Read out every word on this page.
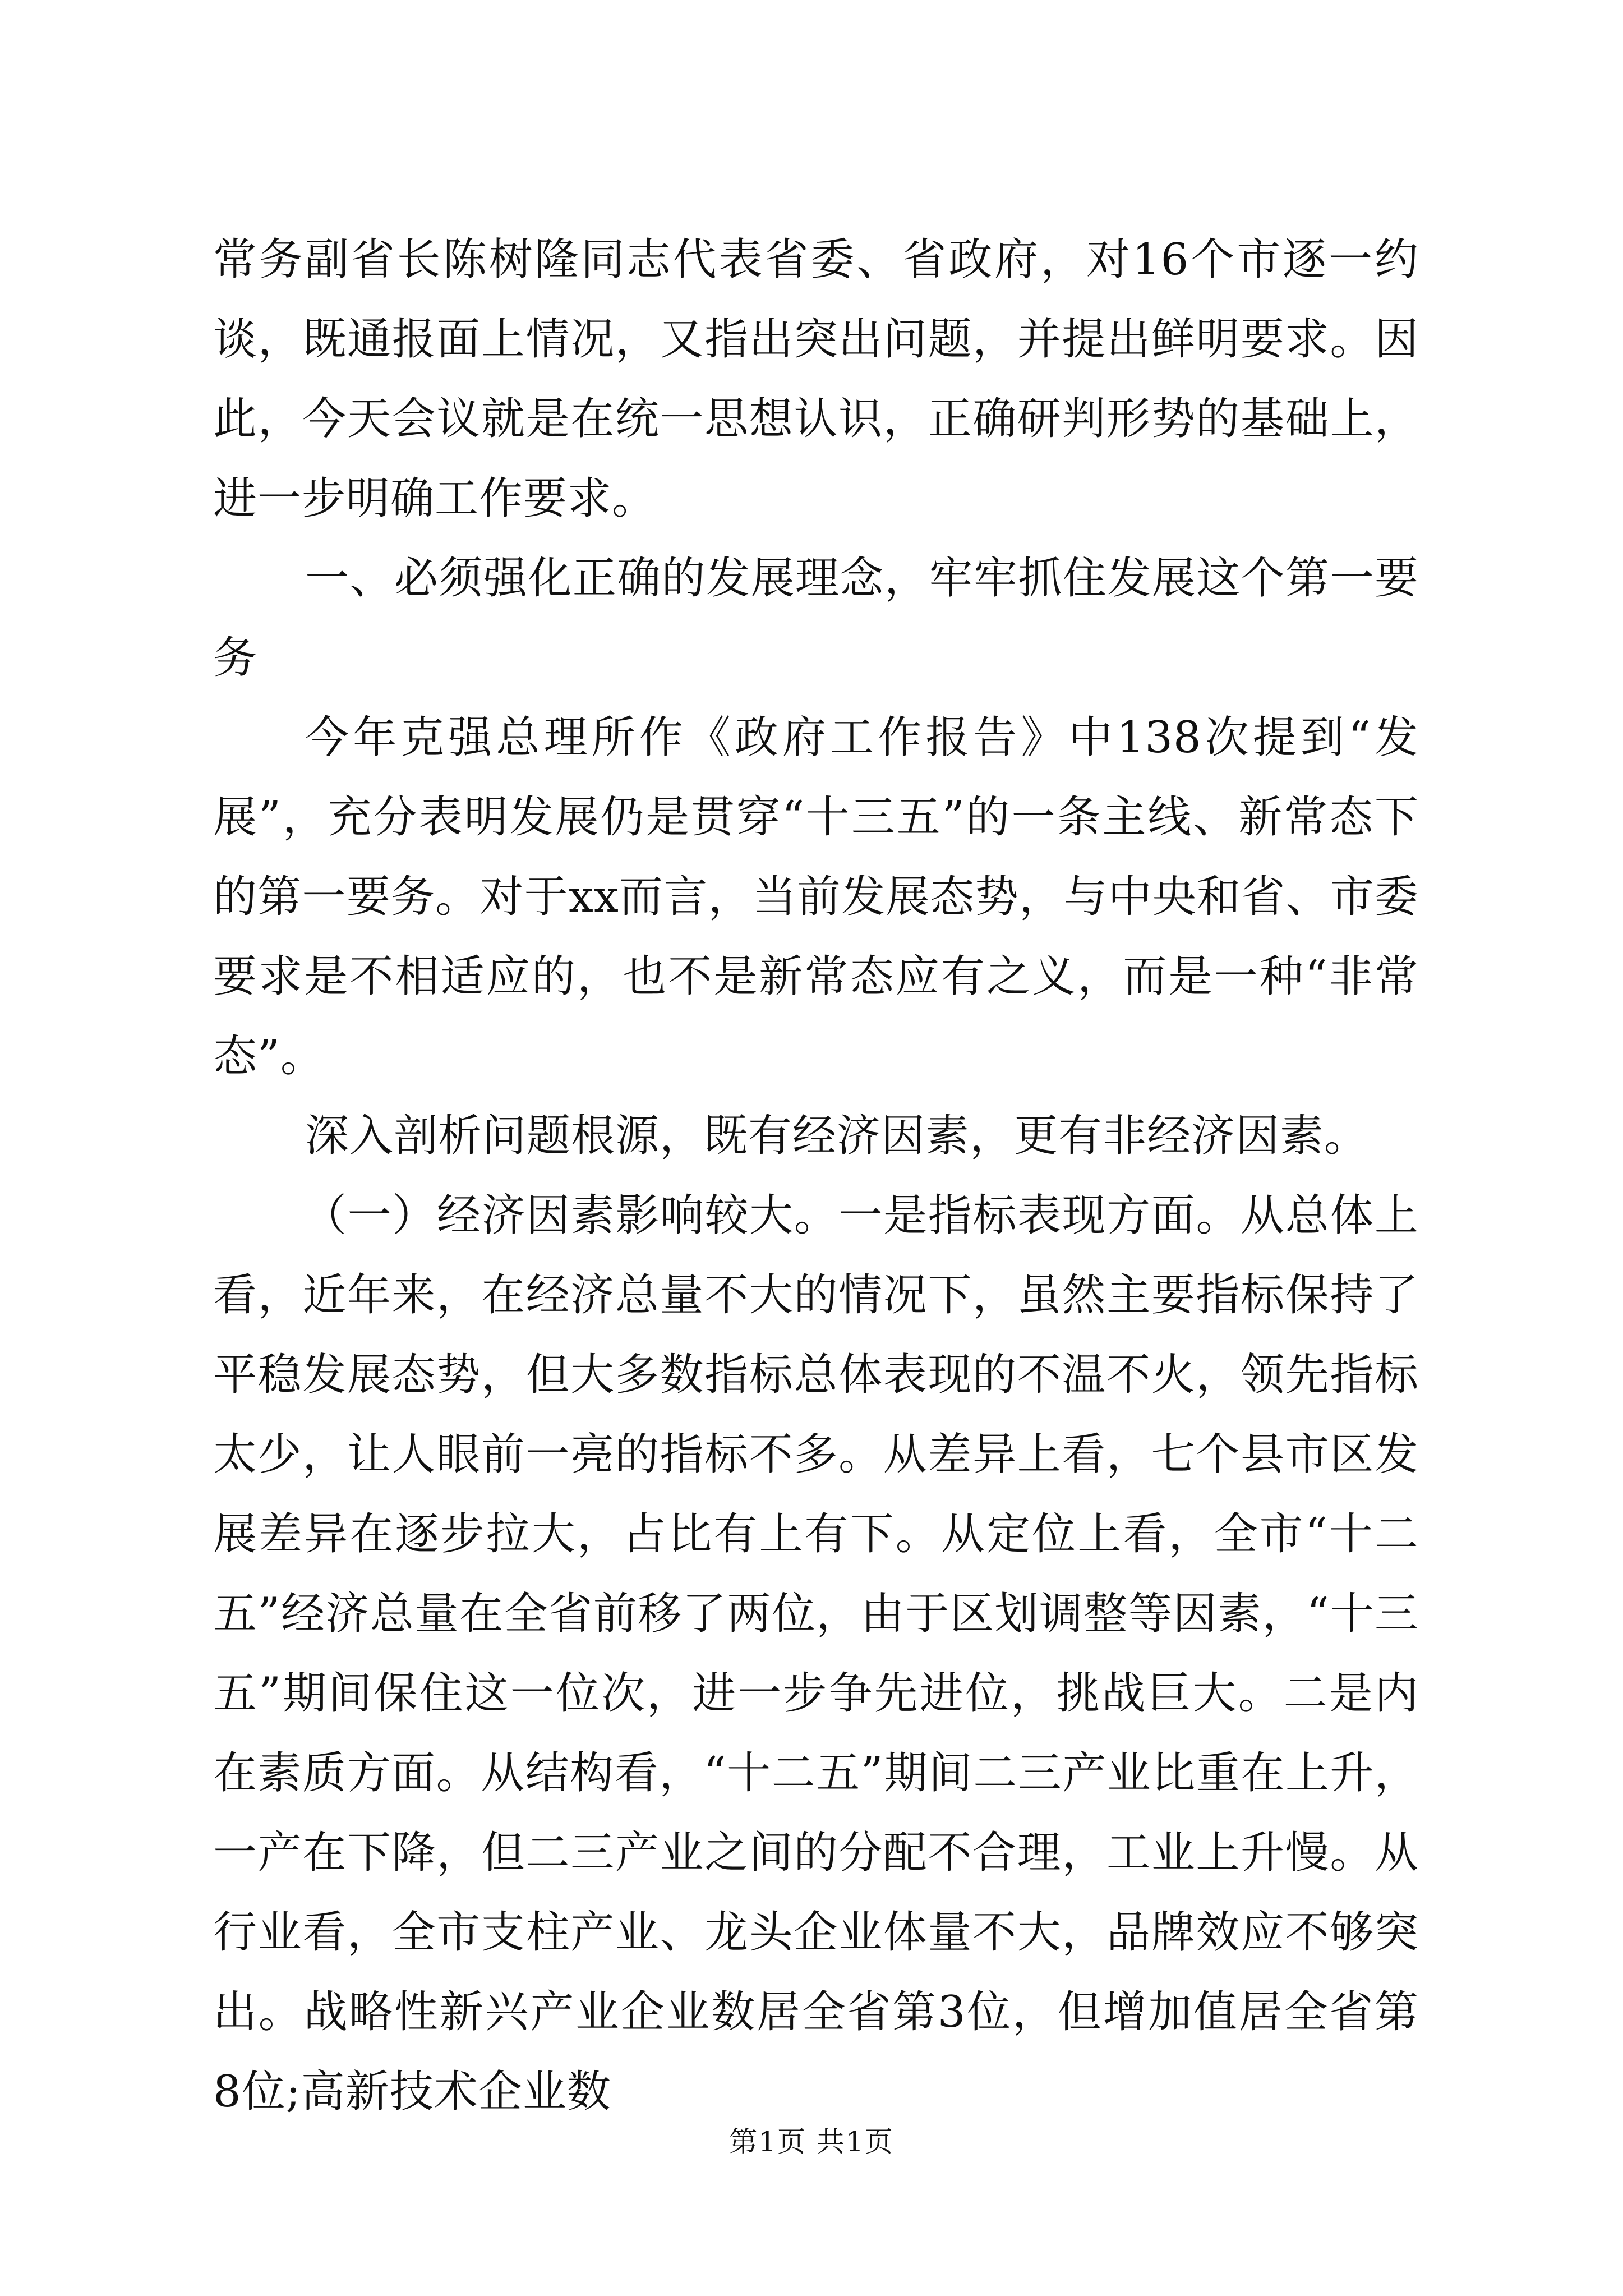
常务副省长陈树隆同志代表省委、省政府，对16个市逐一约谈，既通报面上情况，又指出突出问题，并提出鲜明要求。因此，今天会议就是在统一思想认识，正确研判形势的基础上，进一步明确工作要求。

一、必须强化正确的发展理念，牢牢抓住发展这个第一要务

今年克强总理所作《政府工作报告》中138次提到“发展”，充分表明发展仍是贯穿“十三五”的一条主线、新常态下的第一要务。对于xx而言，当前发展态势，与中央和省、市委要求是不相适应的，也不是新常态应有之义，而是一种“非常态”。

深入剖析问题根源，既有经济因素，更有非经济因素。

（一）经济因素影响较大。一是指标表现方面。从总体上看，近年来，在经济总量不大的情况下，虽然主要指标保持了平稳发展态势，但大多数指标总体表现的不温不火，领先指标太少，让人眼前一亮的指标不多。从差异上看，七个县市区发展差异在逐步拉大，占比有上有下。从定位上看，全市“十二五”经济总量在全省前移了两位，由于区划调整等因素，“十三五”期间保住这一位次，进一步争先进位，挑战巨大。二是内在素质方面。从结构看，“十二五”期间二三产业比重在上升，一产在下降，但二三产业之间的分配不合理，工业上升慢。从行业看，全市支柱产业、龙头企业体量不大，品牌效应不够突出。战略性新兴产业企业数居全省第3位，但增加值居全省第8位;高新技术企业数

第1页 共1页
